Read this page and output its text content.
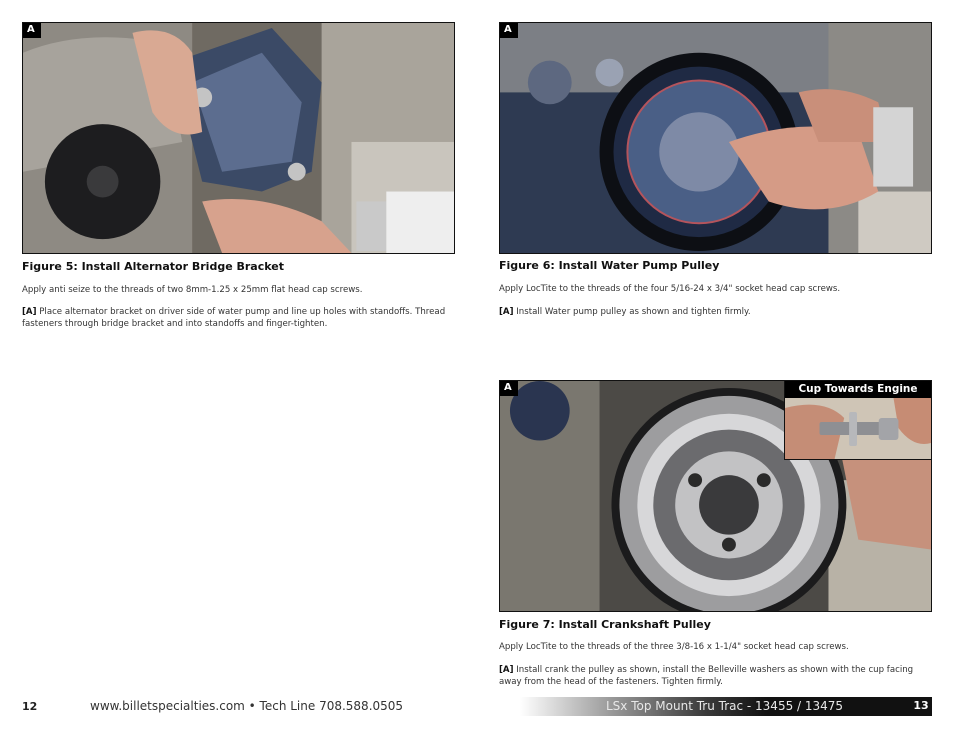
A
Figure 5: Install Alternator Bridge Bracket
Apply anti seize to the threads of two 8mm-1.25 x 25mm flat head cap screws.
[A] Place alternator bracket on driver side of water pump and line up holes with standoffs. Thread fasteners through bridge bracket and into standoffs and finger-tighten.
A
Figure 6: Install Water Pump Pulley
Apply LocTite to the threads of the four 5/16-24 x 3/4" socket head cap screws.
[A] Install Water pump pulley as shown and tighten firmly.
A	Cup Towards Engine
Figure 7: Install Crankshaft Pulley
Apply LocTite to the threads of the three 3/8-16 x 1-1/4" socket head cap screws.
[A] Install crank the pulley as shown, install the Belleville washers as shown with the cup facing away from the head of the fasteners. Tighten firmly.
12	www.billetspecialties.com • Tech Line 708.588.0505	LSx Top Mount Tru Trac - 13455 / 13475	13
